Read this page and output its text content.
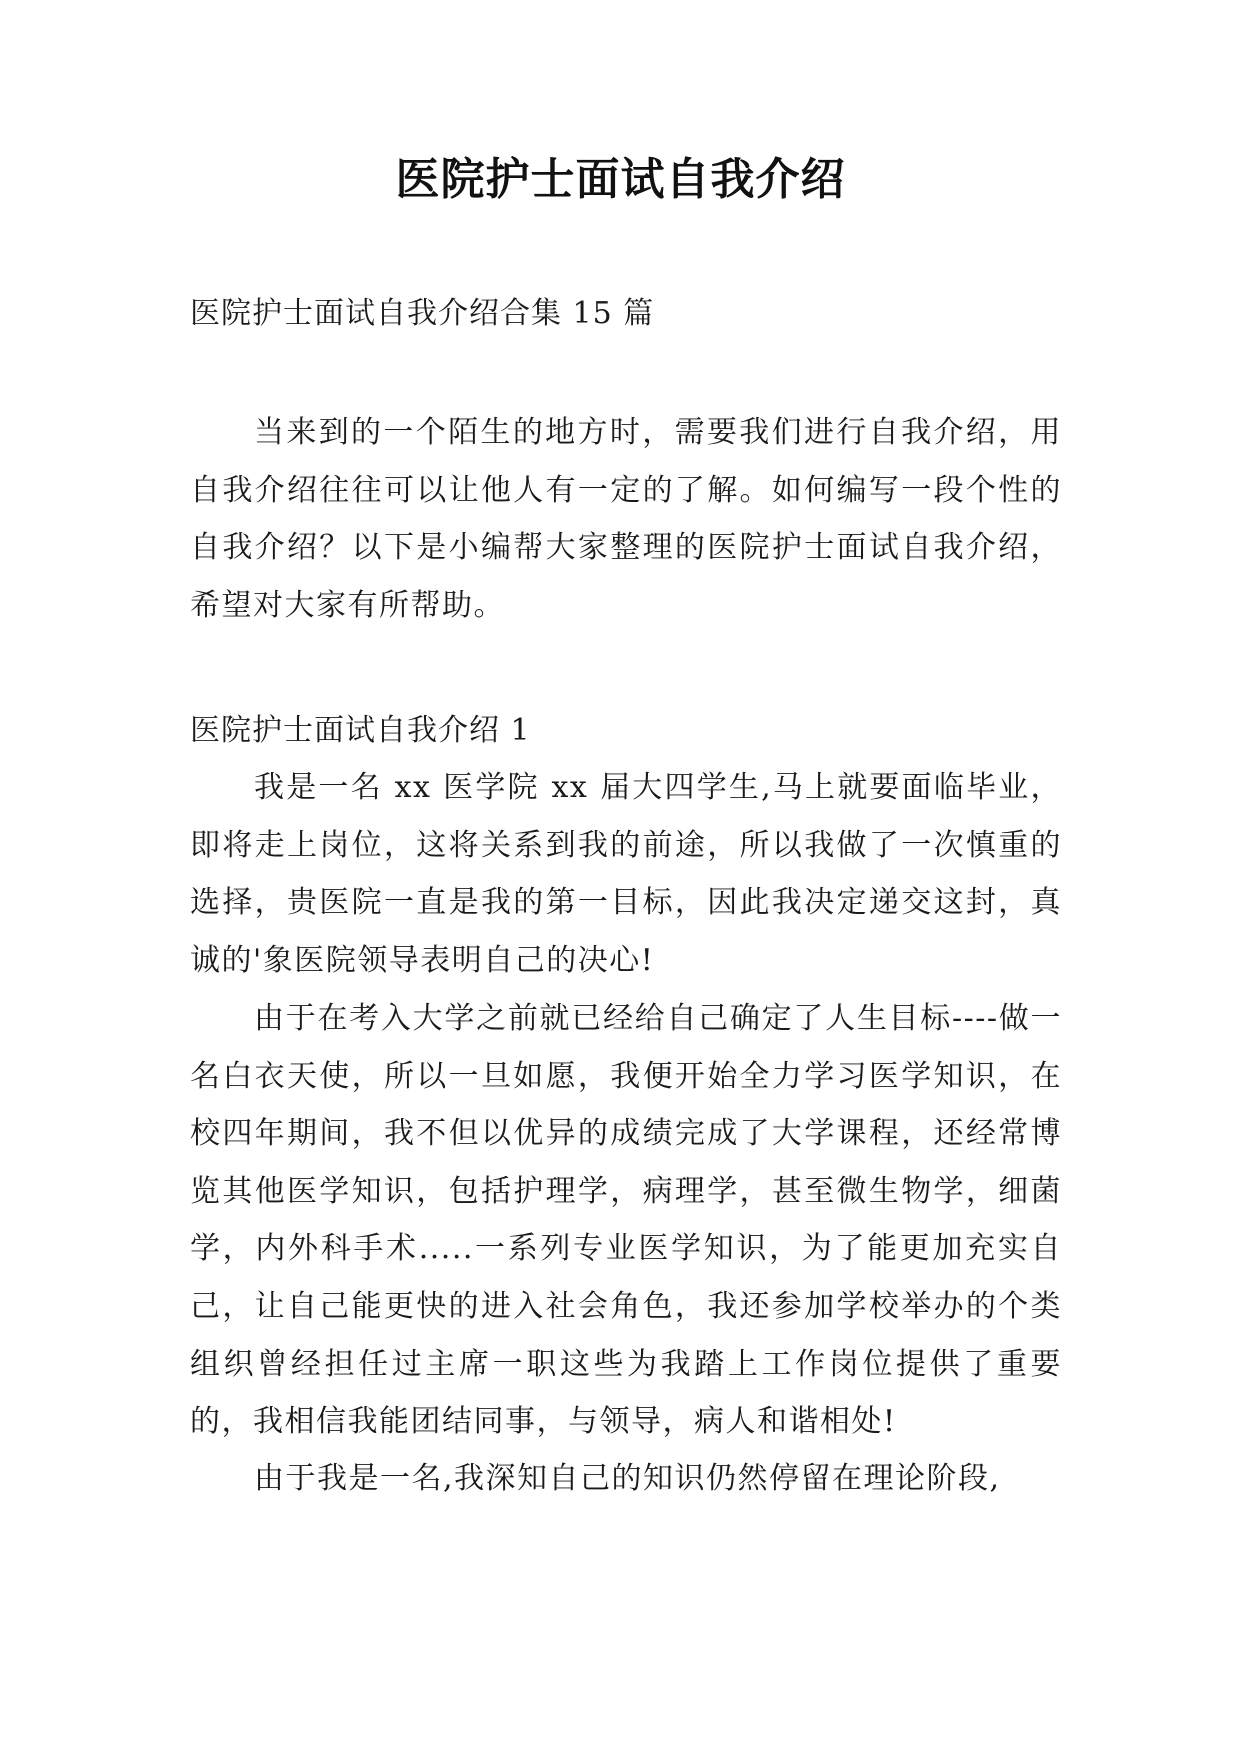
医院护士面试自我介绍

医院护士面试自我介绍合集 15 篇

当来到的一个陌生的地方时，需要我们进行自我介绍，用自我介绍往往可以让他人有一定的了解。如何编写一段个性的自我介绍？以下是小编帮大家整理的医院护士面试自我介绍，希望对大家有所帮助。

医院护士面试自我介绍 1

我是一名 xx 医学院 xx 届大四学生,马上就要面临毕业，即将走上岗位，这将关系到我的前途，所以我做了一次慎重的选择，贵医院一直是我的第一目标，因此我决定递交这封，真诚的'象医院领导表明自己的决心!

由于在考入大学之前就已经给自己确定了人生目标----做一名白衣天使，所以一旦如愿，我便开始全力学习医学知识，在校四年期间，我不但以优异的成绩完成了大学课程，还经常博览其他医学知识，包括护理学，病理学，甚至微生物学，细菌学，内外科手术.....一系列专业医学知识，为了能更加充实自己，让自己能更快的进入社会角色，我还参加学校举办的个类组织曾经担任过主席一职这些为我踏上工作岗位提供了重要的，我相信我能团结同事，与领导，病人和谐相处!

由于我是一名,我深知自己的知识仍然停留在理论阶段,
